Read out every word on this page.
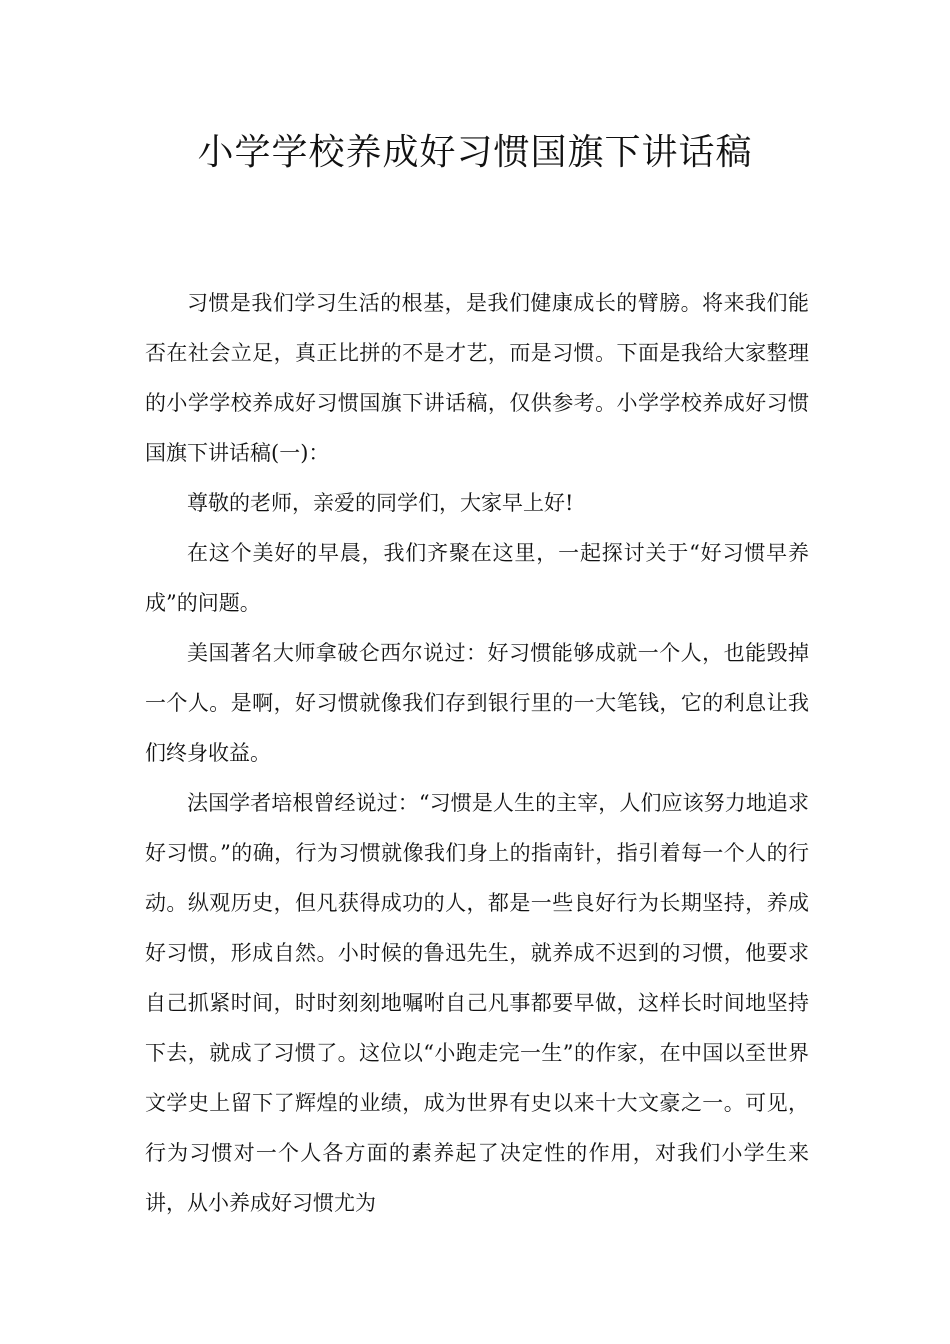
小学学校养成好习惯国旗下讲话稿

习惯是我们学习生活的根基，是我们健康成长的臂膀。将来我们能否在社会立足，真正比拼的不是才艺，而是习惯。下面是我给大家整理的小学学校养成好习惯国旗下讲话稿，仅供参考。小学学校养成好习惯国旗下讲话稿(一)：

尊敬的老师，亲爱的同学们，大家早上好!

在这个美好的早晨，我们齐聚在这里，一起探讨关于“好习惯早养成”的问题。

美国著名大师拿破仑西尔说过：好习惯能够成就一个人，也能毁掉一个人。是啊，好习惯就像我们存到银行里的一大笔钱，它的利息让我们终身收益。

法国学者培根曾经说过：“习惯是人生的主宰，人们应该努力地追求好习惯。”的确，行为习惯就像我们身上的指南针，指引着每一个人的行动。纵观历史，但凡获得成功的人，都是一些良好行为长期坚持，养成好习惯，形成自然。小时候的鲁迅先生，就养成不迟到的习惯，他要求自己抓紧时间，时时刻刻地嘱咐自己凡事都要早做，这样长时间地坚持下去，就成了习惯了。这位以“小跑走完一生”的作家，在中国以至世界文学史上留下了辉煌的业绩，成为世界有史以来十大文豪之一。可见，行为习惯对一个人各方面的素养起了决定性的作用，对我们小学生来讲，从小养成好习惯尤为
